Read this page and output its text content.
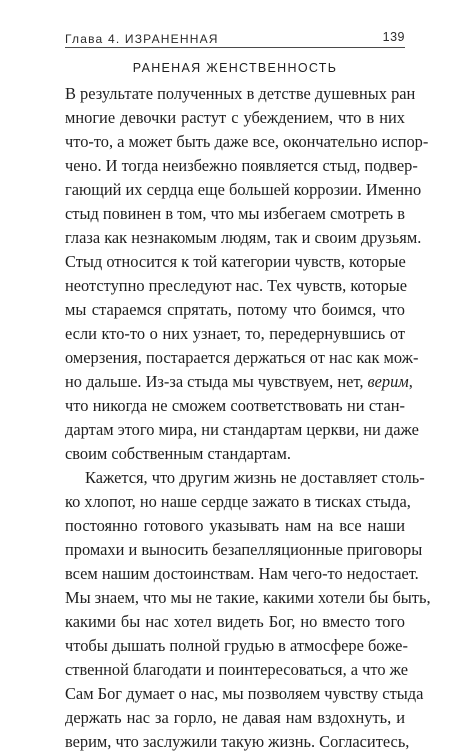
Глава 4. ИЗРАНЕННАЯ	139
РАНЕНАЯ ЖЕНСТВЕННОСТЬ
В результате полученных в детстве душевных ран
многие девочки растут с убеждением, что в них
что-то, а может быть даже все, окончательно испор-
чено. И тогда неизбежно появляется стыд, подвер-
гающий их сердца еще большей коррозии. Именно
стыд повинен в том, что мы избегаем смотреть в
глаза как незнакомым людям, так и своим друзьям.
Стыд относится к той категории чувств, которые
неотступно преследуют нас. Тех чувств, которые
мы стараемся спрятать, потому что боимся, что
если кто-то о них узнает, то, передернувшись от
омерзения, постарается держаться от нас как мож-
но дальше. Из-за стыда мы чувствуем, нет, верим,
что никогда не сможем соответствовать ни стан-
дартам этого мира, ни стандартам церкви, ни даже
своим собственным стандартам.
Кажется, что другим жизнь не доставляет столь-
ко хлопот, но наше сердце зажато в тисках стыда,
постоянно готового указывать нам на все наши
промахи и выносить безапелляционные приговоры
всем нашим достоинствам. Нам чего-то недостает.
Мы знаем, что мы не такие, какими хотели бы быть,
какими бы нас хотел видеть Бог, но вместо того
чтобы дышать полной грудью в атмосфере боже-
ственной благодати и поинтересоваться, а что же
Сам Бог думает о нас, мы позволяем чувству стыда
держать нас за горло, не давая нам вздохнуть, и
верим, что заслужили такую жизнь. Согласитесь,
